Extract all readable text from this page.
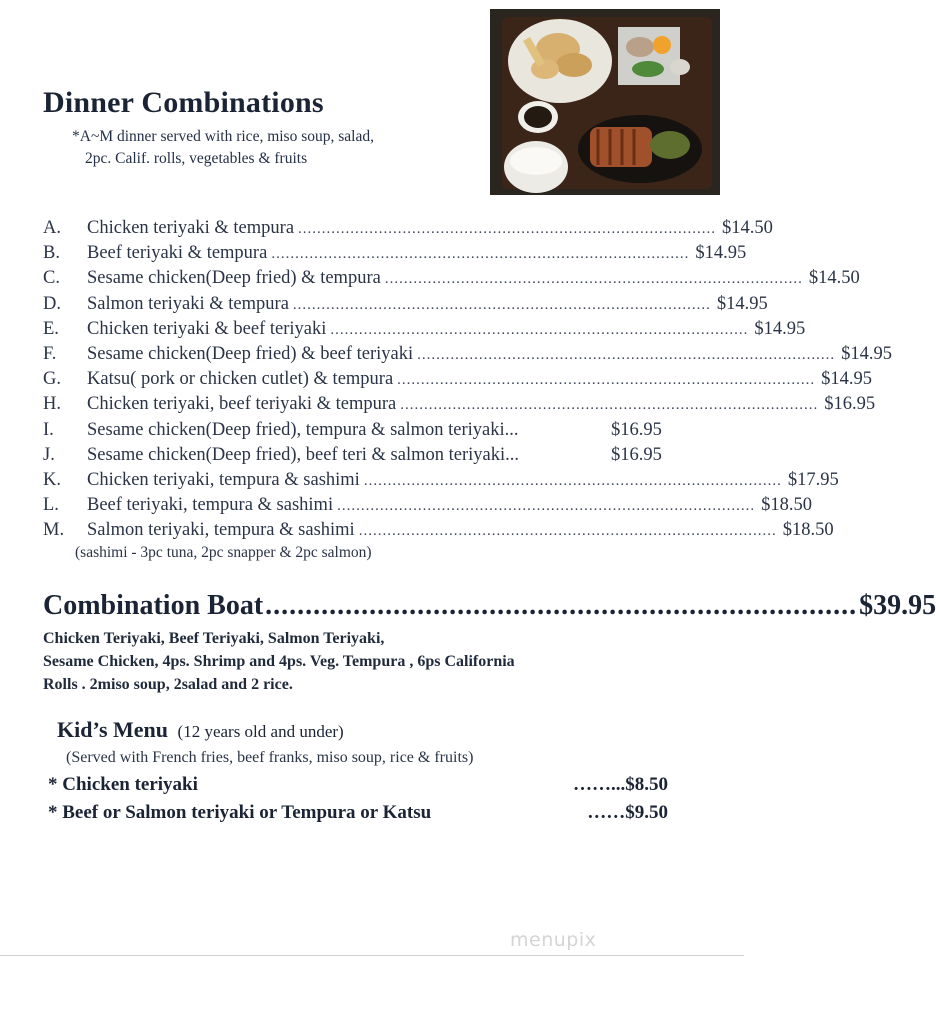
Dinner Combinations
*A~M dinner served with rice, miso soup, salad,
2pc. Calif. rolls, vegetables & fruits
A.	Chicken teriyaki & tempura ........................................................................................ $14.50
B.	Beef teriyaki & tempura ........................................................................................ $14.95
C.	Sesame chicken(Deep fried) & tempura ........................................................................................ $14.50
D.	Salmon teriyaki & tempura ........................................................................................ $14.95
E.	Chicken teriyaki & beef teriyaki ........................................................................................ $14.95
F.	Sesame chicken(Deep fried) & beef teriyaki ........................................................................................ $14.95
G.	Katsu( pork or chicken cutlet) & tempura ........................................................................................ $14.95
H.	Chicken teriyaki, beef teriyaki & tempura ........................................................................................ $16.95
I.	Sesame chicken(Deep fried), tempura & salmon teriyaki...	$16.95
J.	Sesame chicken(Deep fried), beef teri & salmon teriyaki...	$16.95
K.	Chicken teriyaki, tempura & sashimi ........................................................................................ $17.95
L.	Beef teriyaki, tempura & sashimi ........................................................................................ $18.50
M.	Salmon teriyaki, tempura & sashimi ........................................................................................ $18.50
(sashimi - 3pc tuna, 2pc snapper & 2pc salmon)
Combination Boat .......................................................................... $39.95
Chicken Teriyaki, Beef Teriyaki, Salmon Teriyaki,
Sesame Chicken, 4ps. Shrimp and 4ps. Veg. Tempura , 6ps California
Rolls . 2miso soup, 2salad and 2 rice.
Kid’s Menu (12 years old and under)
(Served with French fries, beef franks, miso soup, rice & fruits)
* Chicken teriyaki	……...$8.50
* Beef or Salmon teriyaki or Tempura or Katsu	……$9.50
menupix
